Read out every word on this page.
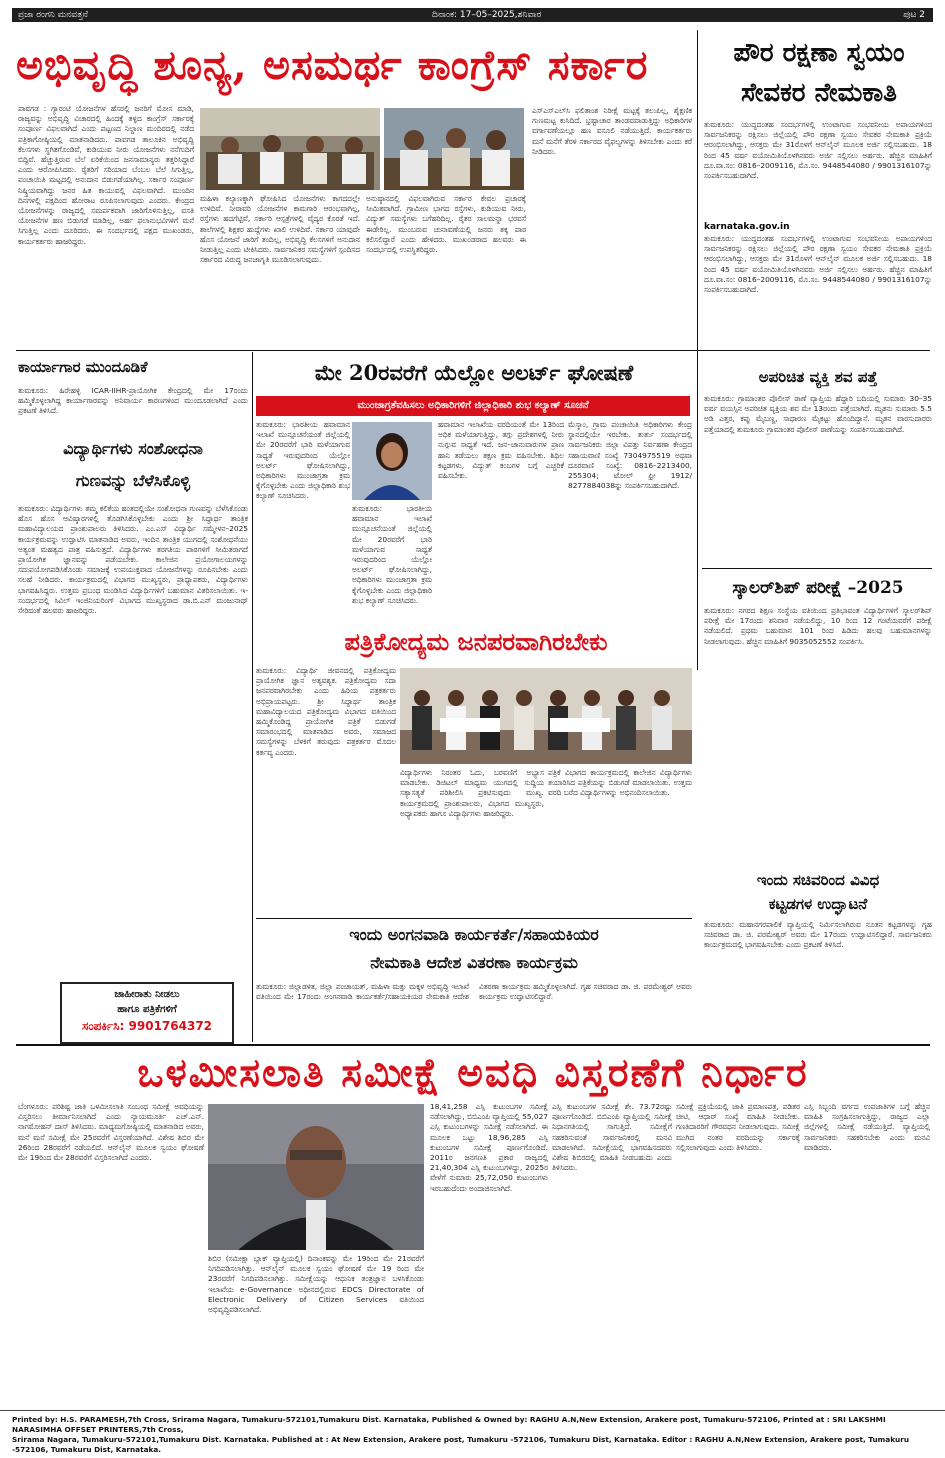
ಪ್ರಜಾ ರಂಗನಿ ಮನವತ್ತನೆ	ದಿನಾಂಕ: 17–05–2025,ಶನಿವಾರ	ಪುಟ 2
ಅಭಿವೃದ್ಧಿ ಶೂನ್ಯ, ಅಸಮರ್ಥ ಕಾಂಗ್ರೆಸ್ ಸರ್ಕಾರ	ಪೌರ ರಕ್ಷಣಾ ಸ್ವಯಂ
ಸೇವಕರ ನೇಮಕಾತಿ
ತುಮಕೂರು: ಯುದ್ಧದಂತಹ ಸಂದರ್ಭಗಳಲ್ಲಿ ಉಂಟಾಗುವ ಸಂಭವನೀಯ ಅಪಾಯಗಳಿಂದ ಸಾರ್ವಜನಿಕರನ್ನು ರಕ್ಷಿಸಲು ಜಿಲ್ಲೆಯಲ್ಲಿ ಪೌರ ರಕ್ಷಣಾ ಸ್ವಯಂ ಸೇವಕರ ನೇಮಕಾತಿ ಪ್ರಕ್ರಿಯೆ ಆರಂಭಿಸಲಾಗಿದ್ದು, ಆಸಕ್ತರು ಮೇ 31ರೊಳಗೆ ಆನ್‌ಲೈನ್ ಮೂಲಕ ಅರ್ಜಿ ಸಲ್ಲಿಸಬಹುದು. 18 ರಿಂದ 45 ವರ್ಷ ವಯೋಮಿತಿಯೊಳಗಿನವರು ಅರ್ಜಿ ಸಲ್ಲಿಸಲು ಅರ್ಹರು. ಹೆಚ್ಚಿನ ಮಾಹಿತಿಗೆ ದೂ.ವಾ.ಸಂ: 0816–2009116, ಮೊ.ಸಂ. 9448544080 / 9901316107ನ್ನು ಸಂಪರ್ಕಿಸಬಹುದಾಗಿದೆ.
karnataka.gov.in
ತುಮಕೂರು: ಯುದ್ಧದಂತಹ ಸಂದರ್ಭಗಳಲ್ಲಿ ಉಂಟಾಗುವ ಸಂಭವನೀಯ ಅಪಾಯಗಳಿಂದ ಸಾರ್ವಜನಿಕರನ್ನು ರಕ್ಷಿಸಲು ಜಿಲ್ಲೆಯಲ್ಲಿ ಪೌರ ರಕ್ಷಣಾ ಸ್ವಯಂ ಸೇವಕರ ನೇಮಕಾತಿ ಪ್ರಕ್ರಿಯೆ ಆರಂಭಿಸಲಾಗಿದ್ದು, ಆಸಕ್ತರು ಮೇ 31ರೊಳಗೆ ಆನ್‌ಲೈನ್ ಮೂಲಕ ಅರ್ಜಿ ಸಲ್ಲಿಸಬಹುದು. 18 ರಿಂದ 45 ವರ್ಷ ವಯೋಮಿತಿಯೊಳಗಿನವರು ಅರ್ಜಿ ಸಲ್ಲಿಸಲು ಅರ್ಹರು. ಹೆಚ್ಚಿನ ಮಾಹಿತಿಗೆ ದೂ.ವಾ.ಸಂ: 0816–2009116, ಮೊ.ಸಂ. 9448544080 / 9901316107ನ್ನು ಸಂಪರ್ಕಿಸಬಹುದಾಗಿದೆ.
ಪಾವಗಡ : ಗ್ಯಾರಂಟಿ ಯೋಜನೆಗಳ ಹೆಸರಲ್ಲಿ ಜನರಿಗೆ ಮೋಸ ಮಾಡಿ, ರಾಜ್ಯವನ್ನು ಅಭಿವೃದ್ಧಿ ವಿಚಾರದಲ್ಲಿ ಹಿಂದಕ್ಕೆ ತಳ್ಳಿದ ಕಾಂಗ್ರೆಸ್ ಸರ್ಕಾರಕ್ಕೆ ಸಂಪೂರ್ಣ ವಿಫಲವಾಗಿದೆ ಎಂದು ಪಟ್ಟಣದ ನಿಲ್ದಾಣ ಮಂದಿರದಲ್ಲಿ ನಡೆದ ಪತ್ರಿಕಾಗೋಷ್ಠಿಯಲ್ಲಿ ಮಾತನಾಡಿದರು. ಪಾವಗಡ ತಾಲೂಕಿನ ಅಭಿವೃದ್ಧಿ ಕೆಲಸಗಳು ಸ್ಥಗಿತಗೊಂಡಿವೆ, ಕುಡಿಯುವ ನೀರು ಯೋಜನೆಗಳು ನನೆಗುದಿಗೆ ಬಿದ್ದಿವೆ. ಹೆಚ್ಚುತ್ತಿರುವ ಬೆಲೆ ಏರಿಕೆಯಿಂದ ಜನಸಾಮಾನ್ಯರು ತತ್ತರಿಸಿದ್ದಾರೆ ಎಂದು ಆರೋಪಿಸಿದರು. ರೈತರಿಗೆ ಸರಿಯಾದ ಬೆಂಬಲ ಬೆಲೆ ಸಿಗುತ್ತಿಲ್ಲ, ಪಂಚಾಯಿತಿ ಮಟ್ಟದಲ್ಲಿ ಅನುದಾನ ಬಿಡುಗಡೆಯಾಗಿಲ್ಲ. ಸರ್ಕಾರ ಸಂಪೂರ್ಣ ನಿಷ್ಕ್ರಿಯವಾಗಿದ್ದು ಜನರ ಹಿತ ಕಾಯುವಲ್ಲಿ ವಿಫಲವಾಗಿದೆ. ಮುಂದಿನ ದಿನಗಳಲ್ಲಿ ಪಕ್ಷದಿಂದ ಹೋರಾಟ ರೂಪಿಸಲಾಗುವುದು ಎಂದರು. ಕೇಂದ್ರದ ಯೋಜನೆಗಳನ್ನು ರಾಜ್ಯದಲ್ಲಿ ಸಮರ್ಪಕವಾಗಿ ಜಾರಿಗೊಳಿಸುತ್ತಿಲ್ಲ, ವಸತಿ ಯೋಜನೆಗಳ ಹಣ ಬಿಡುಗಡೆ ಮಾಡಿಲ್ಲ, ಅರ್ಹ ಫಲಾನುಭವಿಗಳಿಗೆ ಮನೆ ಸಿಗುತ್ತಿಲ್ಲ ಎಂದು ದೂರಿದರು. ಈ ಸಂದರ್ಭದಲ್ಲಿ ಪಕ್ಷದ ಮುಖಂಡರು, ಕಾರ್ಯಕರ್ತರು ಹಾಜರಿದ್ದರು.
ಮಹಿಳಾ ಕಲ್ಯಾಣಕ್ಕಾಗಿ ಘೋಷಿಸಿದ ಯೋಜನೆಗಳು ಕಾಗದದಲ್ಲೇ ಉಳಿದಿವೆ. ನೀರಾವರಿ ಯೋಜನೆಗಳ ಕಾಮಗಾರಿ ಆರಂಭವಾಗಿಲ್ಲ, ರಸ್ತೆಗಳು ಹದಗೆಟ್ಟಿವೆ, ಸರ್ಕಾರಿ ಆಸ್ಪತ್ರೆಗಳಲ್ಲಿ ವೈದ್ಯರ ಕೊರತೆ ಇದೆ. ಶಾಲೆಗಳಲ್ಲಿ ಶಿಕ್ಷಕರ ಹುದ್ದೆಗಳು ಖಾಲಿ ಉಳಿದಿವೆ. ಸರ್ಕಾರ ಯಾವುದೇ ಹೊಸ ಯೋಜನೆ ಜಾರಿಗೆ ತಂದಿಲ್ಲ, ಅಭಿವೃದ್ಧಿ ಕೆಲಸಗಳಿಗೆ ಅನುದಾನ ನೀಡುತ್ತಿಲ್ಲ ಎಂದು ಟೀಕಿಸಿದರು. ಸಾರ್ವಜನಿಕರ ಸಮಸ್ಯೆಗಳಿಗೆ ಸ್ಪಂದಿಸದ ಸರ್ಕಾರದ ವಿರುದ್ಧ ಜನಜಾಗೃತಿ ಮೂಡಿಸಲಾಗುವುದು.
ಅನುಷ್ಠಾನದಲ್ಲಿ ವಿಫಲವಾಗಿರುವ ಸರ್ಕಾರ ಕೇವಲ ಪ್ರಚಾರಕ್ಕೆ ಸೀಮಿತವಾಗಿದೆ. ಗ್ರಾಮೀಣ ಭಾಗದ ರಸ್ತೆಗಳು, ಕುಡಿಯುವ ನೀರು, ವಿದ್ಯುತ್ ಸಮಸ್ಯೆಗಳು ಬಗೆಹರಿದಿಲ್ಲ. ರೈತರ ಸಾಲಮನ್ನಾ ಭರವಸೆ ಈಡೇರಿಲ್ಲ. ಮುಂಬರುವ ಚುನಾವಣೆಯಲ್ಲಿ ಜನರು ತಕ್ಕ ಪಾಠ ಕಲಿಸಲಿದ್ದಾರೆ ಎಂದು ಹೇಳಿದರು. ಮುಖಂಡರಾದ ಹಲವರು ಈ ಸಂದರ್ಭದಲ್ಲಿ ಉಪಸ್ಥಿತರಿದ್ದರು.
ಎಸ್‌ಎಸ್‌ಎಲ್‌ಸಿ ಫಲಿತಾಂಶ ನಿರೀಕ್ಷೆ ಮಟ್ಟಕ್ಕೆ ತಲುಪಿಲ್ಲ, ಶೈಕ್ಷಣಿಕ ಗುಣಮಟ್ಟ ಕುಸಿದಿದೆ. ಭ್ರಷ್ಟಾಚಾರ ತಾಂಡವವಾಡುತ್ತಿದ್ದು ಅಧಿಕಾರಿಗಳ ವರ್ಗಾವಣೆಯಲ್ಲೂ ಹಣ ವಸೂಲಿ ನಡೆಯುತ್ತಿದೆ. ಕಾರ್ಯಕರ್ತರು ಮನೆ ಮನೆಗೆ ತೆರಳಿ ಸರ್ಕಾರದ ವೈಫಲ್ಯಗಳನ್ನು ತಿಳಿಸಬೇಕು ಎಂದು ಕರೆ ನೀಡಿದರು.
ಕಾರ್ಯಾಗಾರ ಮುಂದೂಡಿಕೆ
ತುಮಕೂರು: ಹಿರೇಹಳ್ಳಿ ICAR-IIHR-ಪ್ರಾಯೋಗಿಕ ಕೇಂದ್ರದಲ್ಲಿ ಮೇ 17ರಂದು ಹಮ್ಮಿಕೊಳ್ಳಲಾಗಿದ್ದ ಕಾರ್ಯಾಗಾರವನ್ನು ಅನಿವಾರ್ಯ ಕಾರಣಗಳಿಂದ ಮುಂದೂಡಲಾಗಿದೆ ಎಂದು ಪ್ರಕಟಣೆ ತಿಳಿಸಿದೆ.
ವಿದ್ಯಾರ್ಥಿಗಳು ಸಂಶೋಧನಾ
ಗುಣವನ್ನು ಬೆಳೆಸಿಕೊಳ್ಳಿ
ತುಮಕೂರು: ವಿದ್ಯಾರ್ಥಿಗಳು ತಮ್ಮ ಕಲಿಕೆಯ ಹಂತದಲ್ಲಿಯೇ ಸಂಶೋಧನಾ ಗುಣವನ್ನು ಬೆಳೆಸಿಕೊಂಡು ಹೊಸ ಹೊಸ ಆವಿಷ್ಕಾರಗಳಲ್ಲಿ ತೊಡಗಿಸಿಕೊಳ್ಳಬೇಕು ಎಂದು ಶ್ರೀ ಸಿದ್ಧಾರ್ಥ ತಾಂತ್ರಿಕ ಮಹಾವಿದ್ಯಾಲಯದ ಪ್ರಾಂಶುಪಾಲರು ತಿಳಿಸಿದರು. ಎಂ.ಎಸ್ ವಿದ್ಯಾರ್ಥಿ ಸಮ್ಮೇಳನ–2025 ಕಾರ್ಯಕ್ರಮವನ್ನು ಉದ್ಘಾಟಿಸಿ ಮಾತನಾಡಿದ ಅವರು, ಇಂದಿನ ತಾಂತ್ರಿಕ ಯುಗದಲ್ಲಿ ಸಂಶೋಧನೆಯು ಅತ್ಯಂತ ಮಹತ್ವದ ಪಾತ್ರ ವಹಿಸುತ್ತದೆ. ವಿದ್ಯಾರ್ಥಿಗಳು ತರಗತಿಯ ಪಾಠಗಳಿಗೆ ಸೀಮಿತರಾಗದೆ ಪ್ರಾಯೋಗಿಕ ಜ್ಞಾನವನ್ನು ಪಡೆಯಬೇಕು. ಕಾಲೇಜಿನ ಪ್ರಯೋಗಾಲಯಗಳನ್ನು ಸದುಪಯೋಗಪಡಿಸಿಕೊಂಡು ಸಮಾಜಕ್ಕೆ ಉಪಯುಕ್ತವಾದ ಯೋಜನೆಗಳನ್ನು ರೂಪಿಸಬೇಕು ಎಂದು ಸಲಹೆ ನೀಡಿದರು. ಕಾರ್ಯಕ್ರಮದಲ್ಲಿ ವಿಭಾಗದ ಮುಖ್ಯಸ್ಥರು, ಪ್ರಾಧ್ಯಾಪಕರು, ವಿದ್ಯಾರ್ಥಿಗಳು ಭಾಗವಹಿಸಿದ್ದರು. ಉತ್ತಮ ಪ್ರಬಂಧ ಮಂಡಿಸಿದ ವಿದ್ಯಾರ್ಥಿಗಳಿಗೆ ಬಹುಮಾನ ವಿತರಿಸಲಾಯಿತು. ಇ-ಸಂದರ್ಭದಲ್ಲಿ ಸಿವಿಲ್ ಇಂಜಿನಿಯರಿಂಗ್ ವಿಭಾಗದ ಮುಖ್ಯಸ್ಥರಾದ ಡಾ.ಬಿ.ಎನ್ ಮಂಜುನಾಥ್ ಸೇರಿದಂತೆ ಹಲವರು ಹಾಜರಿದ್ದರು.
ಜಾಹೀರಾತು ನೀಡಲು
ಹಾಗೂ ಪತ್ರಿಕೆಗಳಿಗೆ
ಸಂಪರ್ಕಿಸಿ: 9901764372
ಮೇ 20ರವರೆಗೆ ಯೆಲ್ಲೋ ಅಲರ್ಟ್ ಘೋಷಣೆ
ಮುಂಜಾಗ್ರತೆವಹಿಸಲು ಅಧಿಕಾರಿಗಳಿಗೆ ಜಿಲ್ಲಾಧಿಕಾರಿ ಶುಭ ಕಲ್ಯಾಣ್ ಸೂಚನೆ
ತುಮಕೂರು: ಭಾರತೀಯ ಹವಾಮಾನ ಇಲಾಖೆ ಮುನ್ಸೂಚನೆಯಂತೆ ಜಿಲ್ಲೆಯಲ್ಲಿ ಮೇ 20ರವರೆಗೆ ಭಾರಿ ಮಳೆಯಾಗುವ ಸಾಧ್ಯತೆ ಇರುವುದರಿಂದ ಯೆಲ್ಲೋ ಅಲರ್ಟ್ ಘೋಷಿಸಲಾಗಿದ್ದು, ಅಧಿಕಾರಿಗಳು ಮುಂಜಾಗ್ರತಾ ಕ್ರಮ ಕೈಗೊಳ್ಳಬೇಕು ಎಂದು ಜಿಲ್ಲಾಧಿಕಾರಿ ಶುಭ ಕಲ್ಯಾಣ್ ಸೂಚಿಸಿದರು.
ತುಮಕೂರು: ಭಾರತೀಯ ಹವಾಮಾನ ಇಲಾಖೆ ಮುನ್ಸೂಚನೆಯಂತೆ ಜಿಲ್ಲೆಯಲ್ಲಿ ಮೇ 20ರವರೆಗೆ ಭಾರಿ ಮಳೆಯಾಗುವ ಸಾಧ್ಯತೆ ಇರುವುದರಿಂದ ಯೆಲ್ಲೋ ಅಲರ್ಟ್ ಘೋಷಿಸಲಾಗಿದ್ದು, ಅಧಿಕಾರಿಗಳು ಮುಂಜಾಗ್ರತಾ ಕ್ರಮ ಕೈಗೊಳ್ಳಬೇಕು ಎಂದು ಜಿಲ್ಲಾಧಿಕಾರಿ ಶುಭ ಕಲ್ಯಾಣ್ ಸೂಚಿಸಿದರು.
ಹವಾಮಾನ ಇಲಾಖೆಯ ವರದಿಯಂತೆ ಮೇ 13ರಿಂದ ಅಧಿಕ ಮಳೆಯಾಗುತ್ತಿದ್ದು, ತಗ್ಗು ಪ್ರದೇಶಗಳಲ್ಲಿ ನೀರು ನುಗ್ಗುವ ಸಾಧ್ಯತೆ ಇದೆ. ಜನ–ಜಾನುವಾರುಗಳ ಪ್ರಾಣ ಹಾನಿ ತಡೆಯಲು ತಕ್ಷಣ ಕ್ರಮ ವಹಿಸಬೇಕು. ಶಿಥಿಲ ಕಟ್ಟಡಗಳು, ವಿದ್ಯುತ್ ಕಂಬಗಳ ಬಗ್ಗೆ ಎಚ್ಚರಿಕೆ ವಹಿಸಬೇಕು.
ಮೆಸ್ಕಾಂ, ಗ್ರಾಮ ಪಂಚಾಯಿತಿ ಅಧಿಕಾರಿಗಳು ಕೇಂದ್ರ ಸ್ಥಾನದಲ್ಲಿಯೇ ಇರಬೇಕು. ತುರ್ತು ಸಂದರ್ಭದಲ್ಲಿ ಸಾರ್ವಜನಿಕರು ಜಿಲ್ಲಾ ವಿಪತ್ತು ನಿರ್ವಹಣಾ ಕೇಂದ್ರದ ಸಹಾಯವಾಣಿ ಸಂಖ್ಯೆ 7304975519 ಅಥವಾ ದೂರವಾಣಿ ಸಂಖ್ಯೆ: 0816–2213400, 255304; ಟೋಲ್ ಫ್ರೀ 1912/ 8277884038ನ್ನು ಸಂಪರ್ಕಿಸಬಹುದಾಗಿದೆ.
ಅಪರಿಚಿತ ವ್ಯಕ್ತಿ ಶವ ಪತ್ತೆ
ತುಮಕೂರು: ಗ್ರಾಮಾಂತರ ಪೊಲೀಸ್ ಠಾಣೆ ವ್ಯಾಪ್ತಿಯ ಹೆದ್ದಾರಿ ಬದಿಯಲ್ಲಿ ಸುಮಾರು 30–35 ವರ್ಷ ವಯಸ್ಸಿನ ಅಪರಿಚಿತ ವ್ಯಕ್ತಿಯ ಶವ ಮೇ 13ರಂದು ಪತ್ತೆಯಾಗಿದೆ. ಮೃತನು ಸುಮಾರು 5.5 ಅಡಿ ಎತ್ತರ, ಕಪ್ಪು ಮೈಬಣ್ಣ, ಸಾಧಾರಣ ಮೈಕಟ್ಟು ಹೊಂದಿದ್ದಾನೆ. ಮೃತನ ವಾರಸುದಾರರು ಪತ್ತೆಯಾದಲ್ಲಿ ತುಮಕೂರು ಗ್ರಾಮಾಂತರ ಪೊಲೀಸ್ ಠಾಣೆಯನ್ನು ಸಂಪರ್ಕಿಸಬಹುದಾಗಿದೆ.
ಸ್ಕಾಲರ್‌ಶಿಪ್ ಪರೀಕ್ಷೆ –2025
ತುಮಕೂರು: ನಗರದ ಶಿಕ್ಷಣ ಸಂಸ್ಥೆಯ ವತಿಯಿಂದ ಪ್ರತಿಭಾವಂತ ವಿದ್ಯಾರ್ಥಿಗಳಿಗೆ ಸ್ಕಾಲರ್‌ಶಿಪ್ ಪರೀಕ್ಷೆ ಮೇ 17ರಂದು ಶನಿವಾರ ನಡೆಯಲಿದ್ದು, 10 ರಿಂದ 12 ಗಂಟೆಯವರೆಗೆ ಪರೀಕ್ಷೆ ನಡೆಯಲಿದೆ. ಪ್ರಥಮ ಬಹುಮಾನ 101 ರಿಂದ ಹಿಡಿದು ಹಲವು ಬಹುಮಾನಗಳನ್ನು ನೀಡಲಾಗುವುದು. ಹೆಚ್ಚಿನ ಮಾಹಿತಿಗೆ 9035052552 ಸಂಪರ್ಕಿಸಿ.
ಇಂದು ಸಚಿವರಿಂದ ವಿವಿಧ
ಕಟ್ಟಡಗಳ ಉದ್ಘಾಟನೆ
ತುಮಕೂರು: ಮಹಾನಗರಪಾಲಿಕೆ ವ್ಯಾಪ್ತಿಯಲ್ಲಿ ನಿರ್ಮಿಸಲಾಗಿರುವ ನೂತನ ಕಟ್ಟಡಗಳನ್ನು ಗೃಹ ಸಚಿವರಾದ ಡಾ. ಜಿ. ಪರಮೇಶ್ವರ್ ಅವರು ಮೇ 17ರಂದು ಉದ್ಘಾಟಿಸಲಿದ್ದಾರೆ. ಸಾರ್ವಜನಿಕರು ಕಾರ್ಯಕ್ರಮದಲ್ಲಿ ಭಾಗವಹಿಸಬೇಕು ಎಂದು ಪ್ರಕಟಣೆ ತಿಳಿಸಿದೆ.
ಪತ್ರಿಕೋದ್ಯಮ ಜನಪರವಾಗಿರಬೇಕು
ತುಮಕೂರು: ವಿದ್ಯಾರ್ಥಿ ಜೀವನದಲ್ಲಿ ಪತ್ರಿಕೋದ್ಯಮ ಪ್ರಾಯೋಗಿಕ ಜ್ಞಾನ ಅತ್ಯವಶ್ಯಕ. ಪತ್ರಿಕೋದ್ಯಮ ಸದಾ ಜನಪರವಾಗಿರಬೇಕು ಎಂದು ಹಿರಿಯ ಪತ್ರಕರ್ತರು ಅಭಿಪ್ರಾಯಪಟ್ಟರು. ಶ್ರೀ ಸಿದ್ಧಾರ್ಥ ತಾಂತ್ರಿಕ ಮಹಾವಿದ್ಯಾಲಯದ ಪತ್ರಿಕೋದ್ಯಮ ವಿಭಾಗದ ವತಿಯಿಂದ ಹಮ್ಮಿಕೊಂಡಿದ್ದ ಪ್ರಾಯೋಗಿಕ ಪತ್ರಿಕೆ ಬಿಡುಗಡೆ ಸಮಾರಂಭದಲ್ಲಿ ಮಾತನಾಡಿದ ಅವರು, ಸಮಾಜದ ಸಮಸ್ಯೆಗಳನ್ನು ಬೆಳಕಿಗೆ ತರುವುದು ಪತ್ರಕರ್ತರ ಮೊದಲ ಕರ್ತವ್ಯ ಎಂದರು.
ವಿದ್ಯಾರ್ಥಿಗಳು ನಿರಂತರ ಓದು, ಬರವಣಿಗೆ ಅಭ್ಯಾಸ ಮಾಡಬೇಕು. ಡಿಜಿಟಲ್ ಮಾಧ್ಯಮ ಯುಗದಲ್ಲಿ ಸುದ್ದಿಯ ಸತ್ಯಾಸತ್ಯತೆ ಪರಿಶೀಲಿಸಿ ಪ್ರಕಟಿಸುವುದು ಮುಖ್ಯ. ಕಾರ್ಯಕ್ರಮದಲ್ಲಿ ಪ್ರಾಂಶುಪಾಲರು, ವಿಭಾಗದ ಮುಖ್ಯಸ್ಥರು, ಅಧ್ಯಾಪಕರು ಹಾಗೂ ವಿದ್ಯಾರ್ಥಿಗಳು ಹಾಜರಿದ್ದರು.
ಪತ್ರಿಕೆ ವಿಭಾಗದ ಕಾರ್ಯಕ್ರಮದಲ್ಲಿ ಕಾಲೇಜಿನ ವಿದ್ಯಾರ್ಥಿಗಳು ತಯಾರಿಸಿದ ಪತ್ರಿಕೆಯನ್ನು ಬಿಡುಗಡೆ ಮಾಡಲಾಯಿತು. ಉತ್ತಮ ವರದಿ ಬರೆದ ವಿದ್ಯಾರ್ಥಿಗಳನ್ನು ಅಭಿನಂದಿಸಲಾಯಿತು.
ಇಂದು ಅಂಗನವಾಡಿ ಕಾರ್ಯಕರ್ತೆ/ಸಹಾಯಕಿಯರ
ನೇಮಕಾತಿ ಆದೇಶ ವಿತರಣಾ ಕಾರ್ಯಕ್ರಮ
ತುಮಕೂರು: ಜಿಲ್ಲಾಡಳಿತ, ಜಿಲ್ಲಾ ಪಂಚಾಯತ್, ಮಹಿಳಾ ಮತ್ತು ಮಕ್ಕಳ ಅಭಿವೃದ್ಧಿ ಇಲಾಖೆ ವತಿಯಿಂದ ಮೇ 17ರಂದು ಅಂಗನವಾಡಿ ಕಾರ್ಯಕರ್ತೆ/ಸಹಾಯಕಿಯರ ನೇಮಕಾತಿ ಆದೇಶ ವಿತರಣಾ ಕಾರ್ಯಕ್ರಮ ಹಮ್ಮಿಕೊಳ್ಳಲಾಗಿದೆ. ಗೃಹ ಸಚಿವರಾದ ಡಾ. ಜಿ. ಪರಮೇಶ್ವರ್ ಅವರು ಕಾರ್ಯಕ್ರಮ ಉದ್ಘಾಟಿಸಲಿದ್ದಾರೆ.
ಒಳಮೀಸಲಾತಿ ಸಮೀಕ್ಷೆ ಅವಧಿ ವಿಸ್ತರಣೆಗೆ ನಿರ್ಧಾರ
ಬೆಂಗಳೂರು: ಪರಿಶಿಷ್ಟ ಜಾತಿ ಒಳಮೀಸಲಾತಿ ಸಂಬಂಧ ಸಮೀಕ್ಷೆ ಅವಧಿಯನ್ನು ವಿಸ್ತರಿಸಲು ತೀರ್ಮಾನಿಸಲಾಗಿದೆ ಎಂದು ನ್ಯಾಯಮೂರ್ತಿ ಎಚ್.ಎನ್. ನಾಗಮೋಹನ್ ದಾಸ್ ತಿಳಿಸಿದರು. ಮಾಧ್ಯಮಗೋಷ್ಠಿಯಲ್ಲಿ ಮಾತನಾಡಿದ ಅವರು, ಮನೆ ಮನೆ ಸಮೀಕ್ಷೆ ಮೇ 25ರವರೆಗೆ ವಿಸ್ತರಣೆಯಾಗಿದೆ. ವಿಶೇಷ ಶಿಬಿರ ಮೇ 26ರಿಂದ 28ರವರೆಗೆ ನಡೆಯಲಿದೆ. ಆನ್‌ಲೈನ್ ಮೂಲಕ ಸ್ವಯಂ ಘೋಷಣೆ ಮೇ 19ರಿಂದ ಮೇ 28ರವರೆಗೆ ವಿಸ್ತರಿಸಲಾಗಿದೆ ಎಂದರು.
ಶಿಬಿರ (ಸಮೀಕ್ಷಾ ಬ್ಲಾಕ್ ವ್ಯಾಪ್ತಿಯಲ್ಲಿ) ದಿನಾಂಕವನ್ನು ಮೇ 19ರಿಂದ ಮೇ 21ರವರೆಗೆ ನಿಗದಿಪಡಿಸಲಾಗಿತ್ತು. ಆನ್‌ಲೈನ್ ಮೂಲಕ ಸ್ವಯಂ ಘೋಷಣೆ ಮೇ 19 ರಿಂದ ಮೇ 23ರವರೆಗೆ ನಿಗದಿಪಡಿಸಲಾಗಿತ್ತು. ಸಮೀಕ್ಷೆಯನ್ನು ಆಧುನಿಕ ತಂತ್ರಜ್ಞಾನ ಬಳಸಿಕೊಂಡು ಇಲಾಖೆಯ e-Governance ಅಧೀನದಲ್ಲಿರುವ EDCS Directorate of Electronic Delivery of Citizen Services ವತಿಯಿಂದ ಅಭಿವೃದ್ಧಿಪಡಿಸಲಾಗಿದೆ.
18,41,258 ಎಸ್ಸಿ ಕುಟುಂಬಗಳ ಸಮೀಕ್ಷೆ ನಡೆಸಲಾಗಿದ್ದು, ಬಿಬಿಎಂಪಿ ವ್ಯಾಪ್ತಿಯಲ್ಲಿ 55,027 ಎಸ್ಸಿ ಕುಟುಂಬಗಳನ್ನು ಸಮೀಕ್ಷೆ ನಡೆಸಲಾಗಿದೆ. ಈ ಮೂಲಕ ಒಟ್ಟು 18,96,285 ಎಸ್ಸಿ ಕುಟುಂಬಗಳ ಸಮೀಕ್ಷೆ ಪೂರ್ಣಗೊಂಡಿದೆ. 2011ರ ಜನಗಣತಿ ಪ್ರಕಾರ ರಾಜ್ಯದಲ್ಲಿ 21,40,304 ಎಸ್ಸಿ ಕುಟುಂಬಗಳಿದ್ದು, 2025ರ ವೇಳೆಗೆ ಸುಮಾರು 25,72,050 ಕುಟುಂಬಗಳು ಇರಬಹುದೆಂದು ಅಂದಾಜಿಸಲಾಗಿದೆ.
ಎಸ್ಸಿ ಕುಟುಂಬಗಳ ಸಮೀಕ್ಷೆ ಶೇ. 73.72ರಷ್ಟು ಪೂರ್ಣಗೊಂಡಿದೆ. ಬಿಬಿಎಂಪಿ ವ್ಯಾಪ್ತಿಯಲ್ಲಿ ಸಮೀಕ್ಷೆ ನಿಧಾನಗತಿಯಲ್ಲಿ ಸಾಗುತ್ತಿದೆ. ಸಮೀಕ್ಷೆಗೆ ಸಹಕರಿಸುವಂತೆ ಸಾರ್ವಜನಿಕರಲ್ಲಿ ಮನವಿ ಮಾಡಲಾಗಿದೆ. ಸಮೀಕ್ಷೆಯಲ್ಲಿ ಭಾಗವಹಿಸದವರು ವಿಶೇಷ ಶಿಬಿರದಲ್ಲಿ ಮಾಹಿತಿ ನೀಡಬಹುದು ಎಂದು ತಿಳಿಸಿದರು.
ಸಮೀಕ್ಷೆ ಪ್ರಕ್ರಿಯೆಯಲ್ಲಿ ಜಾತಿ ಪ್ರಮಾಣಪತ್ರ, ಪಡಿತರ ಚೀಟಿ, ಆಧಾರ್ ಸಂಖ್ಯೆ ಮಾಹಿತಿ ನೀಡಬೇಕು. ಗಣತಿದಾರರಿಗೆ ಗೌರವಧನ ನೀಡಲಾಗುವುದು. ಸಮೀಕ್ಷೆ ಮುಗಿದ ನಂತರ ವರದಿಯನ್ನು ಸರ್ಕಾರಕ್ಕೆ ಸಲ್ಲಿಸಲಾಗುವುದು ಎಂದು ತಿಳಿಸಿದರು.
ಎಸ್ಸಿ ಸಿಬ್ಬಂದಿ ವರ್ಗದ ಉಪಜಾತಿಗಳ ಬಗ್ಗೆ ಹೆಚ್ಚಿನ ಮಾಹಿತಿ ಸಂಗ್ರಹಿಸಲಾಗುತ್ತಿದ್ದು, ರಾಜ್ಯದ ಎಲ್ಲಾ ಜಿಲ್ಲೆಗಳಲ್ಲಿ ಸಮೀಕ್ಷೆ ನಡೆಯುತ್ತಿದೆ. ವ್ಯಾಪ್ತಿಯಲ್ಲಿ ಸಾರ್ವಜನಿಕರು ಸಹಕರಿಸಬೇಕು ಎಂದು ಮನವಿ ಮಾಡಿದರು.
Printed by: H.S. PARAMESH,7th Cross, Srirama Nagara, Tumakuru-572101,Tumakuru Dist. Karnataka, Published & Owned by: RAGHU A.N,New Extension, Arakere post, Tumakuru-572106, Printed at : SRI LAKSHMI NARASIMHA OFFSET PRINTERS,7th Cross,
Srirama Nagara, Tumakuru-572101,Tumakuru Dist. Karnataka. Published at : At New Extension, Arakere post, Tumakuru -572106, Tumakuru Dist, Karnataka. Editor : RAGHU A.N,New Extension, Arakere post, Tumakuru -572106, Tumakuru Dist, Karnataka.
